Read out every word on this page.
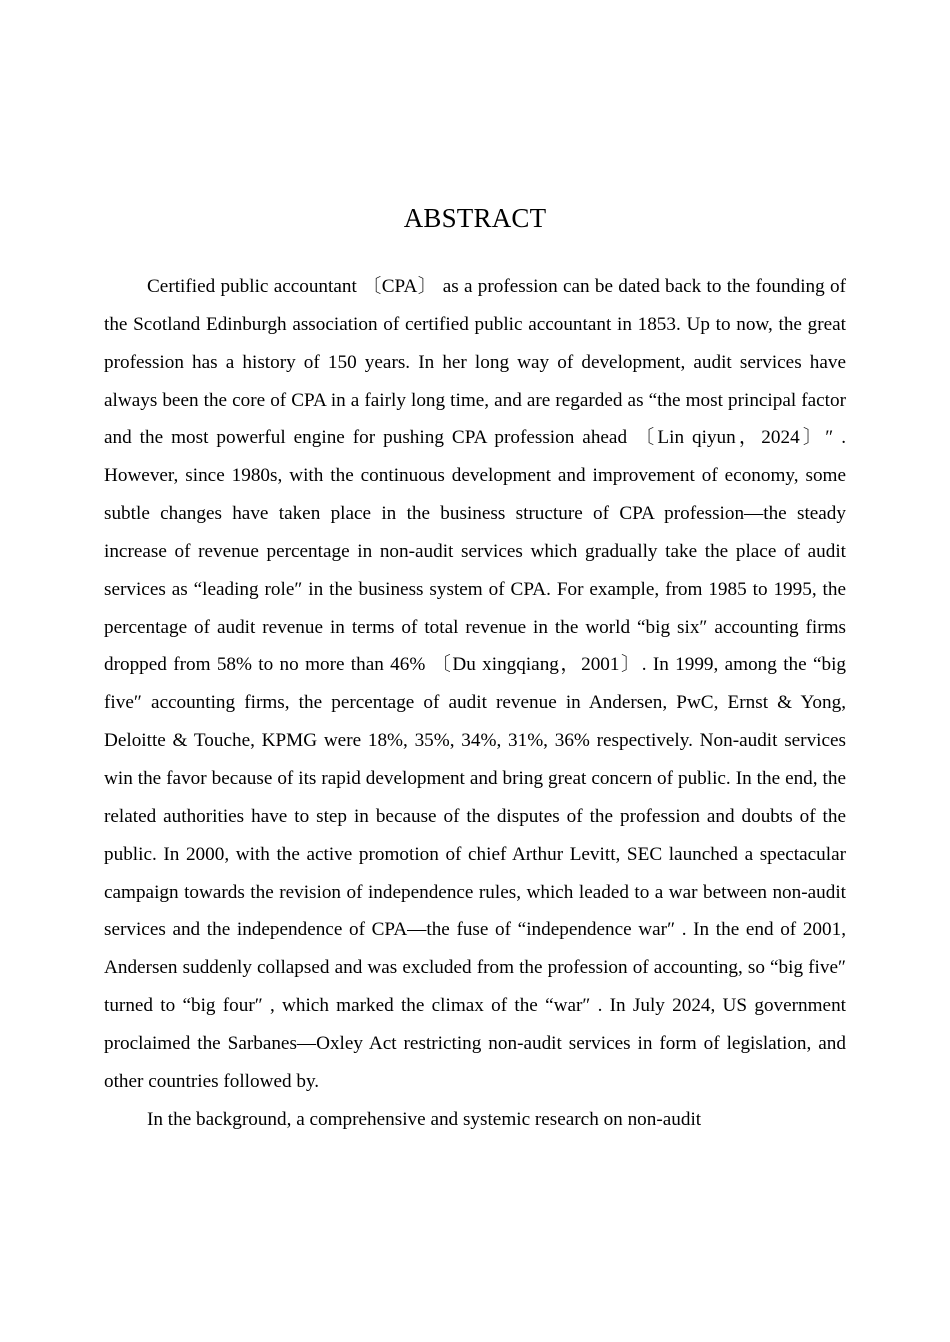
ABSTRACT

Certified public accountant 〔CPA〕 as a profession can be dated back to the founding of the Scotland Edinburgh association of certified public accountant in 1853. Up to now, the great profession has a history of 150 years. In her long way of development, audit services have always been the core of CPA in a fairly long time, and are regarded as “the most principal factor and the most powerful engine for pushing CPA profession ahead 〔Lin qiyun，2024〕″ . However, since 1980s, with the continuous development and improvement of economy, some subtle changes have taken place in the business structure of CPA profession—the steady increase of revenue percentage in non-audit services which gradually take the place of audit services as “leading role″ in the business system of CPA. For example, from 1985 to 1995, the percentage of audit revenue in terms of total revenue in the world “big six″ accounting firms dropped from 58% to no more than 46% 〔Du xingqiang，2001〕. In 1999, among the “big five″ accounting firms, the percentage of audit revenue in Andersen, PwC, Ernst & Yong, Deloitte & Touche, KPMG were 18%, 35%, 34%, 31%, 36% respectively. Non-audit services win the favor because of its rapid development and bring great concern of public. In the end, the related authorities have to step in because of the disputes of the profession and doubts of the public. In 2000, with the active promotion of chief Arthur Levitt, SEC launched a spectacular campaign towards the revision of independence rules, which leaded to a war between non-audit services and the independence of CPA—the fuse of “independence war″ . In the end of 2001, Andersen suddenly collapsed and was excluded from the profession of accounting, so “big five″ turned to “big four″ , which marked the climax of the “war″ . In July 2024, US government proclaimed the Sarbanes—Oxley Act restricting non-audit services in form of legislation, and other countries followed by.

In the background, a comprehensive and systemic research on non-audit
